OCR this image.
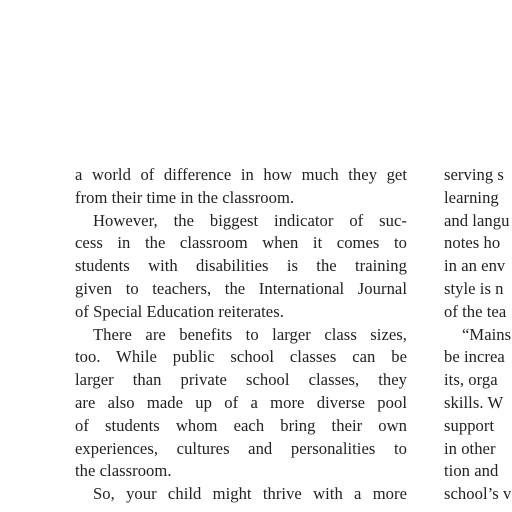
a world of difference in how much they get
from their time in the classroom.
However, the biggest indicator of suc-
cess in the classroom when it comes to
students with disabilities is the training
given to teachers, the International Journal
of Special Education reiterates.
There are benefits to larger class sizes,
too. While public school classes can be
larger than private school classes, they
are also made up of a more diverse pool
of students whom each bring their own
experiences, cultures and personalities to
the classroom.
So, your child might thrive with a more
serving s
learning
and langu
notes ho
in an env
style is n
of the tea
“Mains
be increa
its, orga
skills. W
support
in other
tion and
school’s v
